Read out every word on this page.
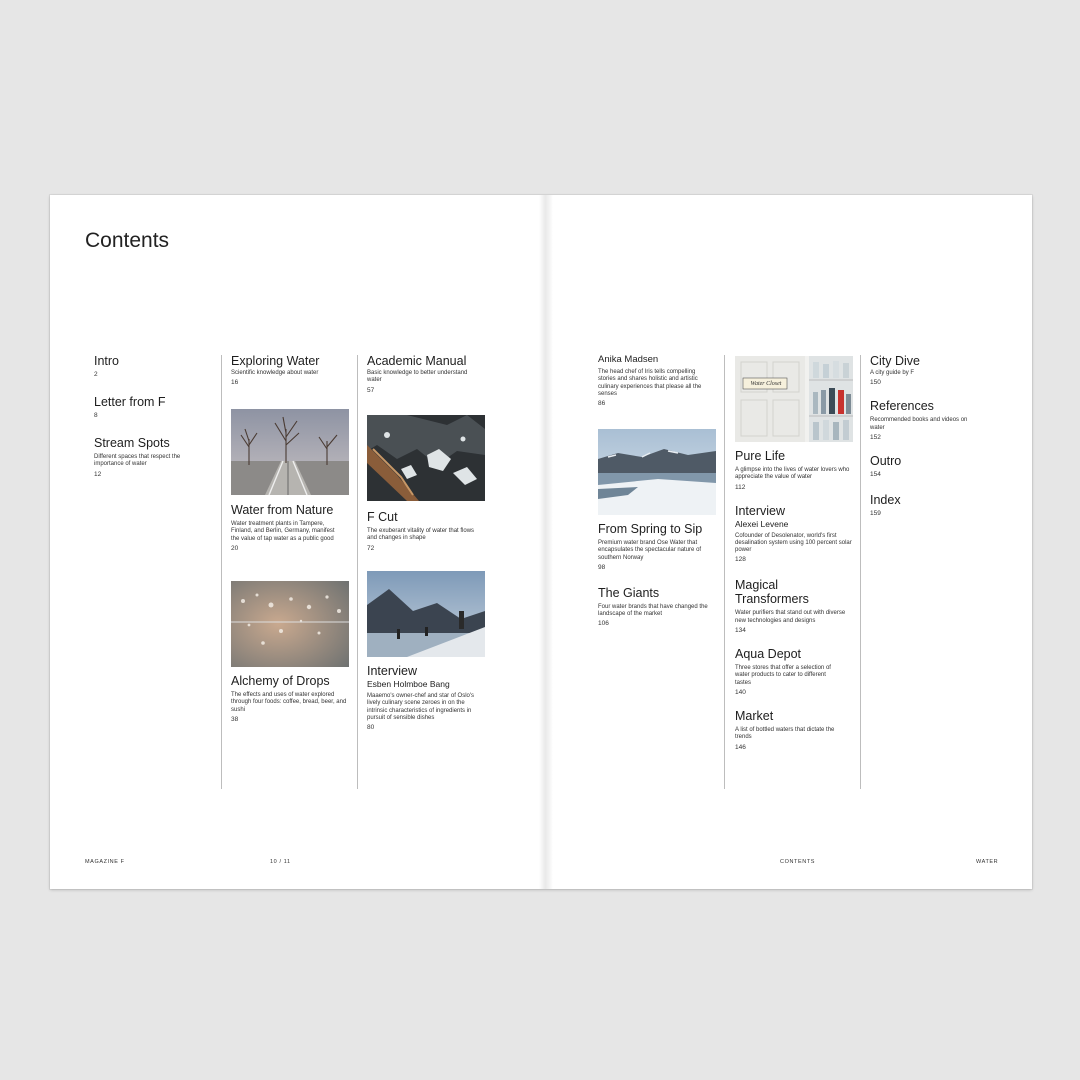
Contents
Intro
2
Letter from F
8
Stream Spots
Different spaces that respect the importance of water
12
Exploring Water
Scientific knowledge about water
16
Water from Nature
Water treatment plants in Tampere, Finland, and Berlin, Germany, manifest the value of tap water as a public good
20
Alchemy of Drops
The effects and uses of water explored through four foods: coffee, bread, beer, and sushi
38
Academic Manual
Basic knowledge to better understand water
57
F Cut
The exuberant vitality of water that flows and changes in shape
72
Interview
Esben Holmboe Bang
Maaemo's owner-chef and star of Oslo's lively culinary scene zeroes in on the intrinsic characteristics of ingredients in pursuit of sensible dishes
80
MAGAZINE F	10 / 11
Anika Madsen
The head chef of Iris tells compelling stories and shares holistic and artistic culinary experiences that please all the senses
86
From Spring to Sip
Premium water brand Ose Water that encapsulates the spectacular nature of southern Norway
98
The Giants
Four water brands that have changed the landscape of the market
106
Water Closet
Pure Life
A glimpse into the lives of water lovers who appreciate the value of water
112
Interview
Alexei Levene
Cofounder of Desolenator, world's first desalination system using 100 percent solar power
128
Magical Transformers
Water purifiers that stand out with diverse new technologies and designs
134
Aqua Depot
Three stores that offer a selection of water products to cater to different tastes
140
Market
A list of bottled waters that dictate the trends
146
City Dive
A city guide by F
150
References
Recommended books and videos on water
152
Outro
154
Index
159
CONTENTS	WATER
